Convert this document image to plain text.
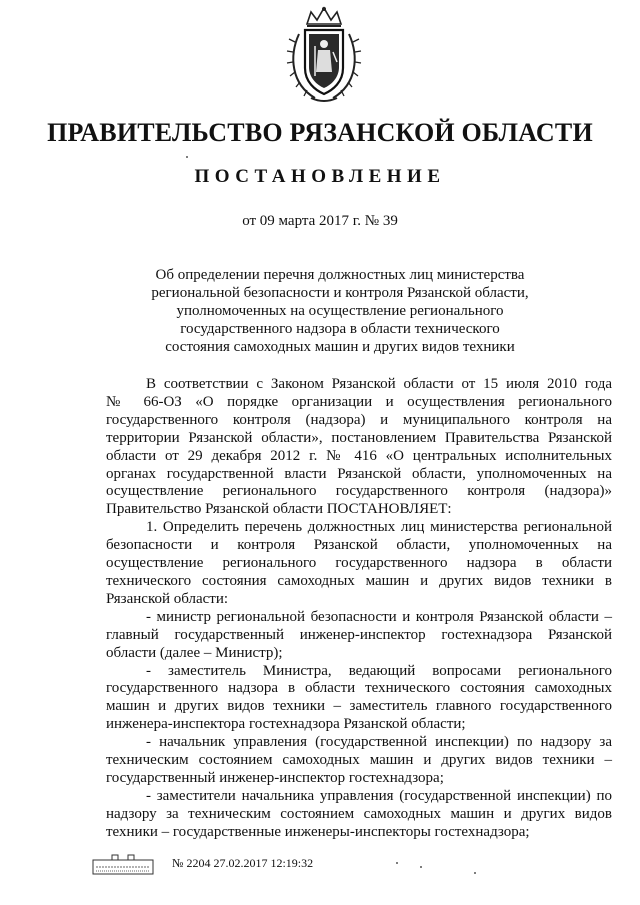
ПРАВИТЕЛЬСТВО РЯЗАНСКОЙ ОБЛАСТИ
ПОСТАНОВЛЕНИЕ
от 09 марта 2017 г. № 39
Об определении перечня должностных лиц министерства
региональной безопасности и контроля Рязанской области,
уполномоченных на осуществление регионального
государственного надзора в области технического
состояния самоходных машин и других видов техники
В соответствии с Законом Рязанской области от 15 июля 2010 года
№ 66-ОЗ «О порядке организации и осуществления регионального
государственного контроля (надзора) и муниципального контроля на
территории Рязанской области», постановлением Правительства Рязанской
области от 29 декабря 2012 г. № 416 «О центральных исполнительных
органах государственной власти Рязанской области, уполномоченных на
осуществление регионального государственного контроля (надзора)»
Правительство Рязанской области ПОСТАНОВЛЯЕТ:
1. Определить перечень должностных лиц министерства региональной
безопасности и контроля Рязанской области, уполномоченных на
осуществление регионального государственного надзора в области
технического состояния самоходных машин и других видов техники в
Рязанской области:
- министр региональной безопасности и контроля Рязанской области –
главный государственный инженер-инспектор гостехнадзора Рязанской
области (далее – Министр);
- заместитель Министра, ведающий вопросами регионального
государственного надзора в области технического состояния самоходных
машин и других видов техники – заместитель главного государственного
инженера-инспектора гостехнадзора Рязанской области;
- начальник управления (государственной инспекции) по надзору за
техническим состоянием самоходных машин и других видов техники –
государственный инженер-инспектор гостехнадзора;
- заместители начальника управления (государственной инспекции) по
надзору за техническим состоянием самоходных машин и других видов
техники – государственные инженеры-инспекторы гостехнадзора;
№ 2204 27.02.2017 12:19:32
